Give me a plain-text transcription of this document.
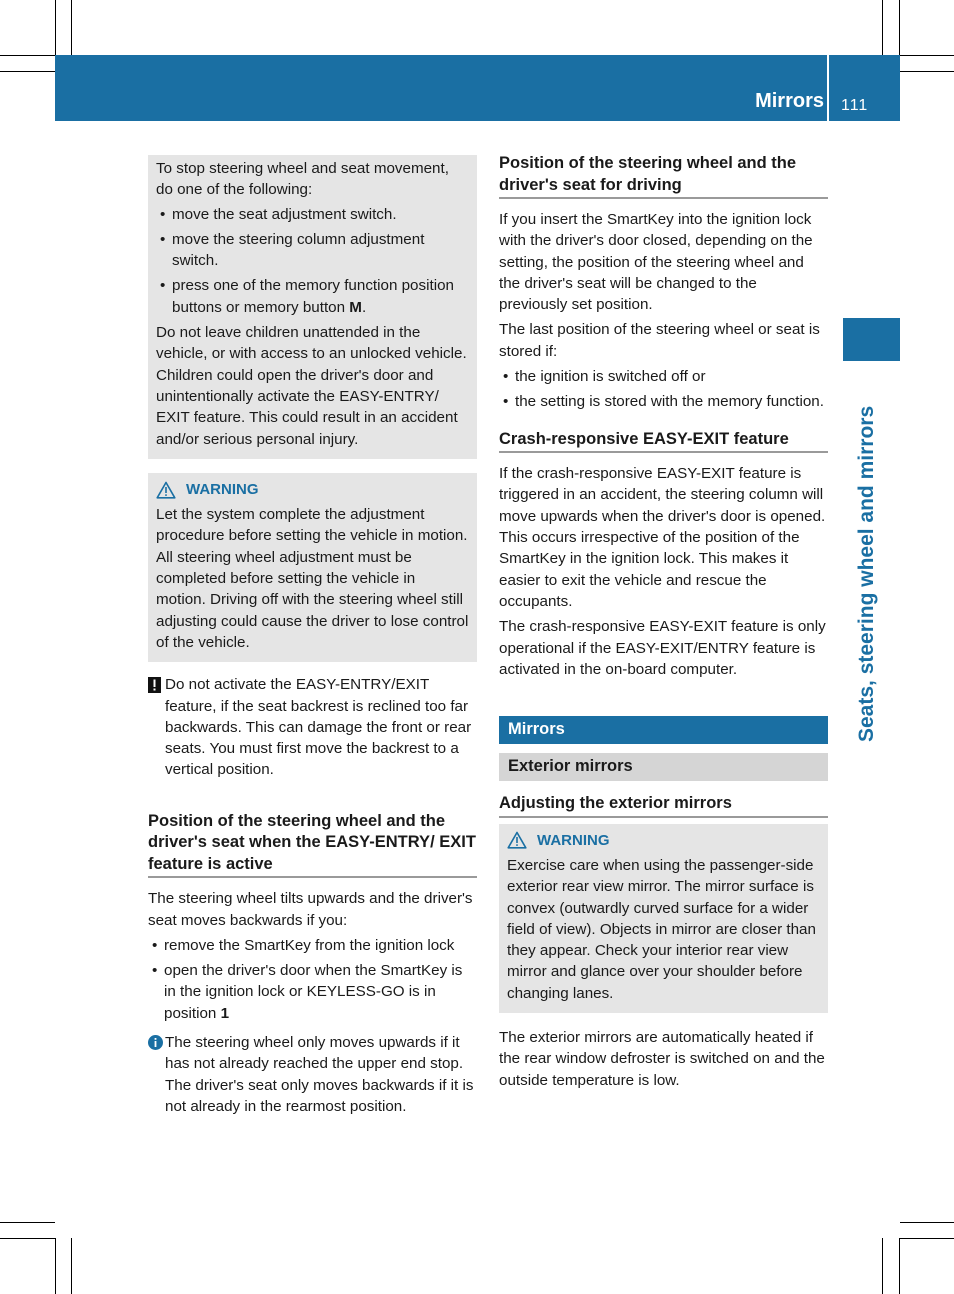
Mirrors 111
Seats, steering wheel and mirrors

To stop steering wheel and seat movement, do one of the following:

• move the seat adjustment switch.
• move the steering column adjustment switch.
• press one of the memory function position buttons or memory button M.

Do not leave children unattended in the vehicle, or with access to an unlocked vehicle. Children could open the driver's door and unintentionally activate the EASY-ENTRY/ EXIT feature. This could result in an accident and/or serious personal injury.

WARNING

Let the system complete the adjustment procedure before setting the vehicle in motion. All steering wheel adjustment must be completed before setting the vehicle in motion. Driving off with the steering wheel still adjusting could cause the driver to lose control of the vehicle.

Do not activate the EASY-ENTRY/EXIT feature, if the seat backrest is reclined too far backwards. This can damage the front or rear seats. You must first move the backrest to a vertical position.
Position of the steering wheel and the driver's seat when the EASY-ENTRY/ EXIT feature is active

The steering wheel tilts upwards and the driver's seat moves backwards if you:

• remove the SmartKey from the ignition lock
• open the driver's door when the SmartKey is in the ignition lock or KEYLESS-GO is in position 1
The steering wheel only moves upwards if it has not already reached the upper end stop. The driver's seat only moves backwards if it is not already in the rearmost position.
Position of the steering wheel and the driver's seat for driving

If you insert the SmartKey into the ignition lock with the driver's door closed, depending on the setting, the position of the steering wheel and the driver's seat will be changed to the previously set position.

The last position of the steering wheel or seat is stored if:

• the ignition is switched off or
• the setting is stored with the memory function.
Crash-responsive EASY-EXIT feature

If the crash-responsive EASY-EXIT feature is triggered in an accident, the steering column will move upwards when the driver's door is opened. This occurs irrespective of the position of the SmartKey in the ignition lock. This makes it easier to exit the vehicle and rescue the occupants.

The crash-responsive EASY-EXIT feature is only operational if the EASY-EXIT/ENTRY feature is activated in the on-board computer.

Mirrors
Exterior mirrors
Adjusting the exterior mirrors
WARNING

Exercise care when using the passenger-side exterior rear view mirror. The mirror surface is convex (outwardly curved surface for a wider field of view). Objects in mirror are closer than they appear. Check your interior rear view mirror and glance over your shoulder before changing lanes.

The exterior mirrors are automatically heated if the rear window defroster is switched on and the outside temperature is low.
